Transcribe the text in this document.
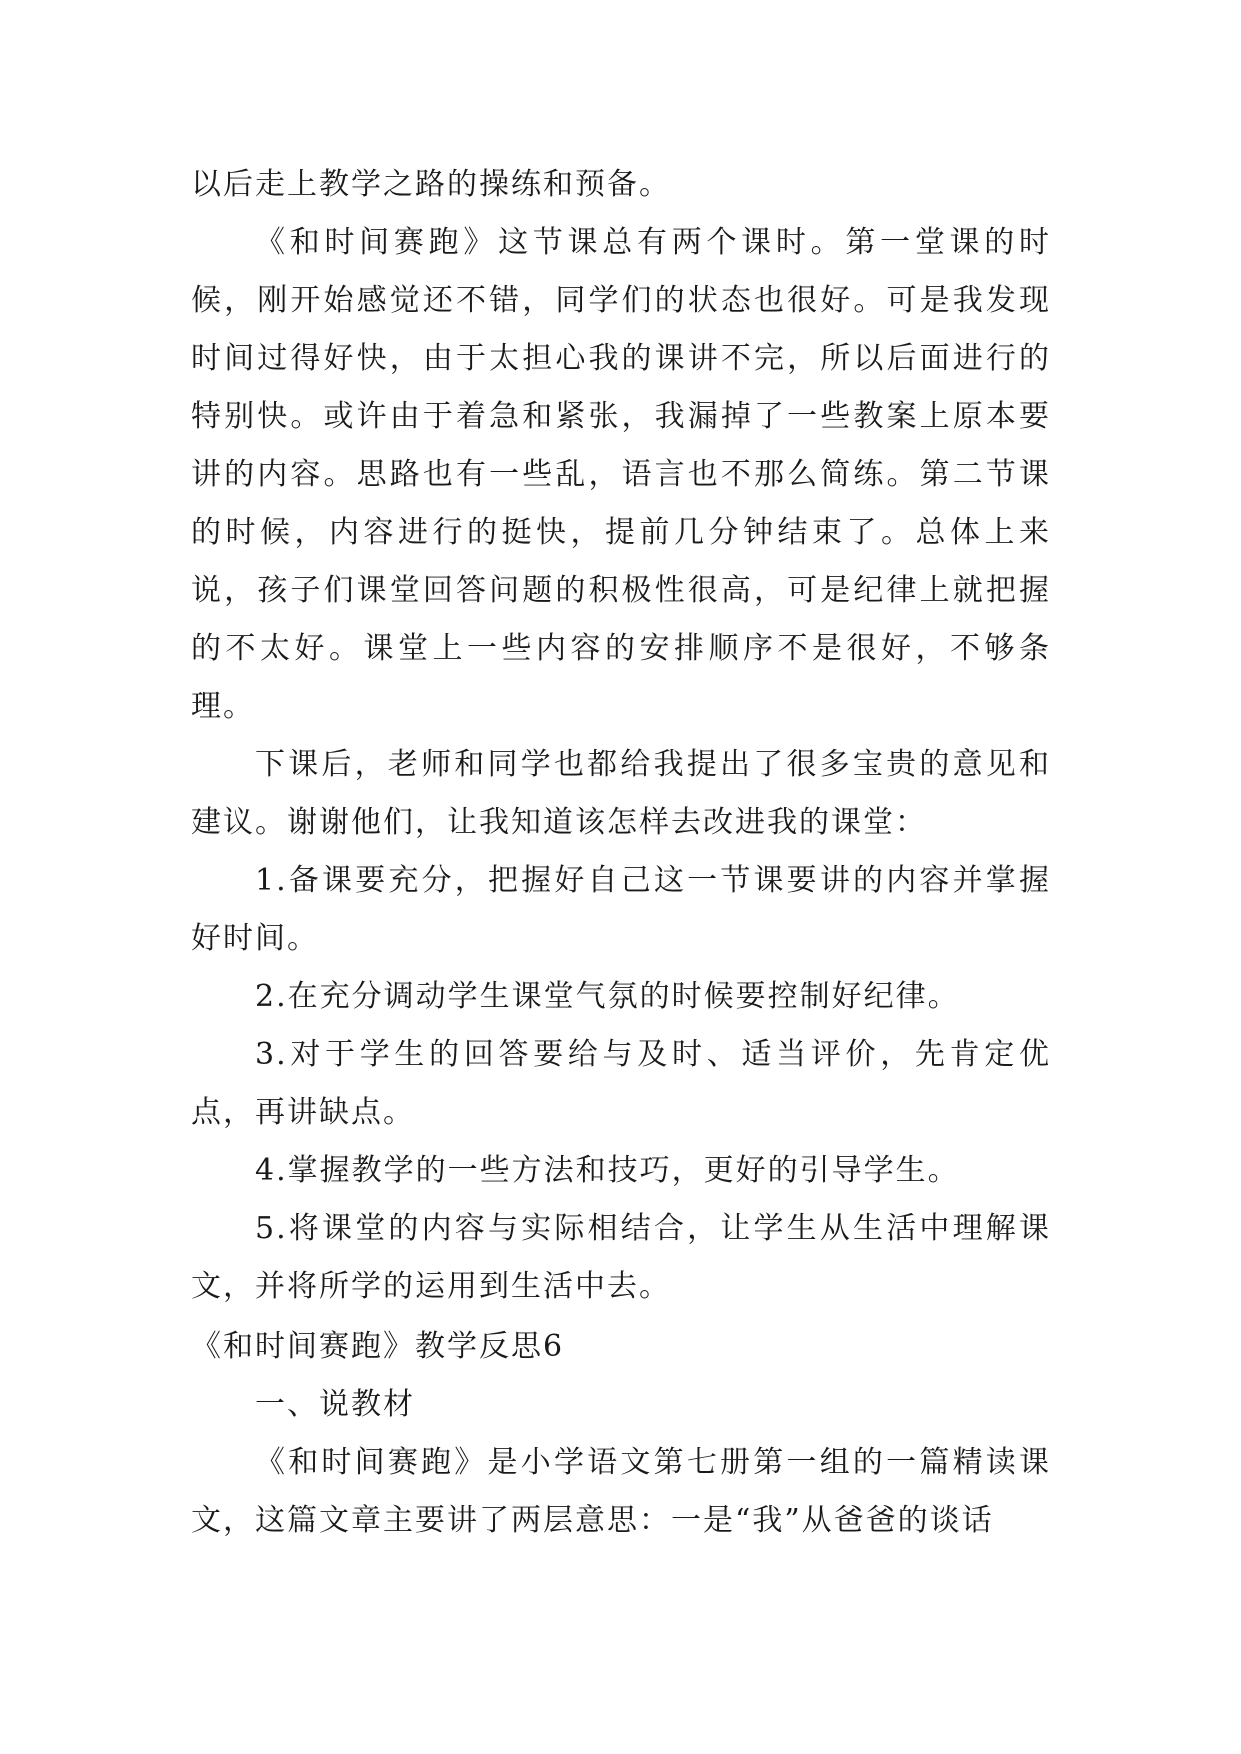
以后走上教学之路的操练和预备。

《和时间赛跑》这节课总有两个课时。第一堂课的时候，刚开始感觉还不错，同学们的状态也很好。可是我发现时间过得好快，由于太担心我的课讲不完，所以后面进行的特别快。或许由于着急和紧张，我漏掉了一些教案上原本要讲的内容。思路也有一些乱，语言也不那么简练。第二节课的时候，内容进行的挺快，提前几分钟结束了。总体上来说，孩子们课堂回答问题的积极性很高，可是纪律上就把握的不太好。课堂上一些内容的安排顺序不是很好，不够条理。

下课后，老师和同学也都给我提出了很多宝贵的意见和建议。谢谢他们，让我知道该怎样去改进我的课堂：

1.备课要充分，把握好自己这一节课要讲的内容并掌握好时间。

2.在充分调动学生课堂气氛的时候要控制好纪律。

3.对于学生的回答要给与及时、适当评价，先肯定优点，再讲缺点。

4.掌握教学的一些方法和技巧，更好的引导学生。

5.将课堂的内容与实际相结合，让学生从生活中理解课文，并将所学的运用到生活中去。

《和时间赛跑》教学反思6

一、说教材

《和时间赛跑》是小学语文第七册第一组的一篇精读课文，这篇文章主要讲了两层意思：一是“我”从爸爸的谈话
